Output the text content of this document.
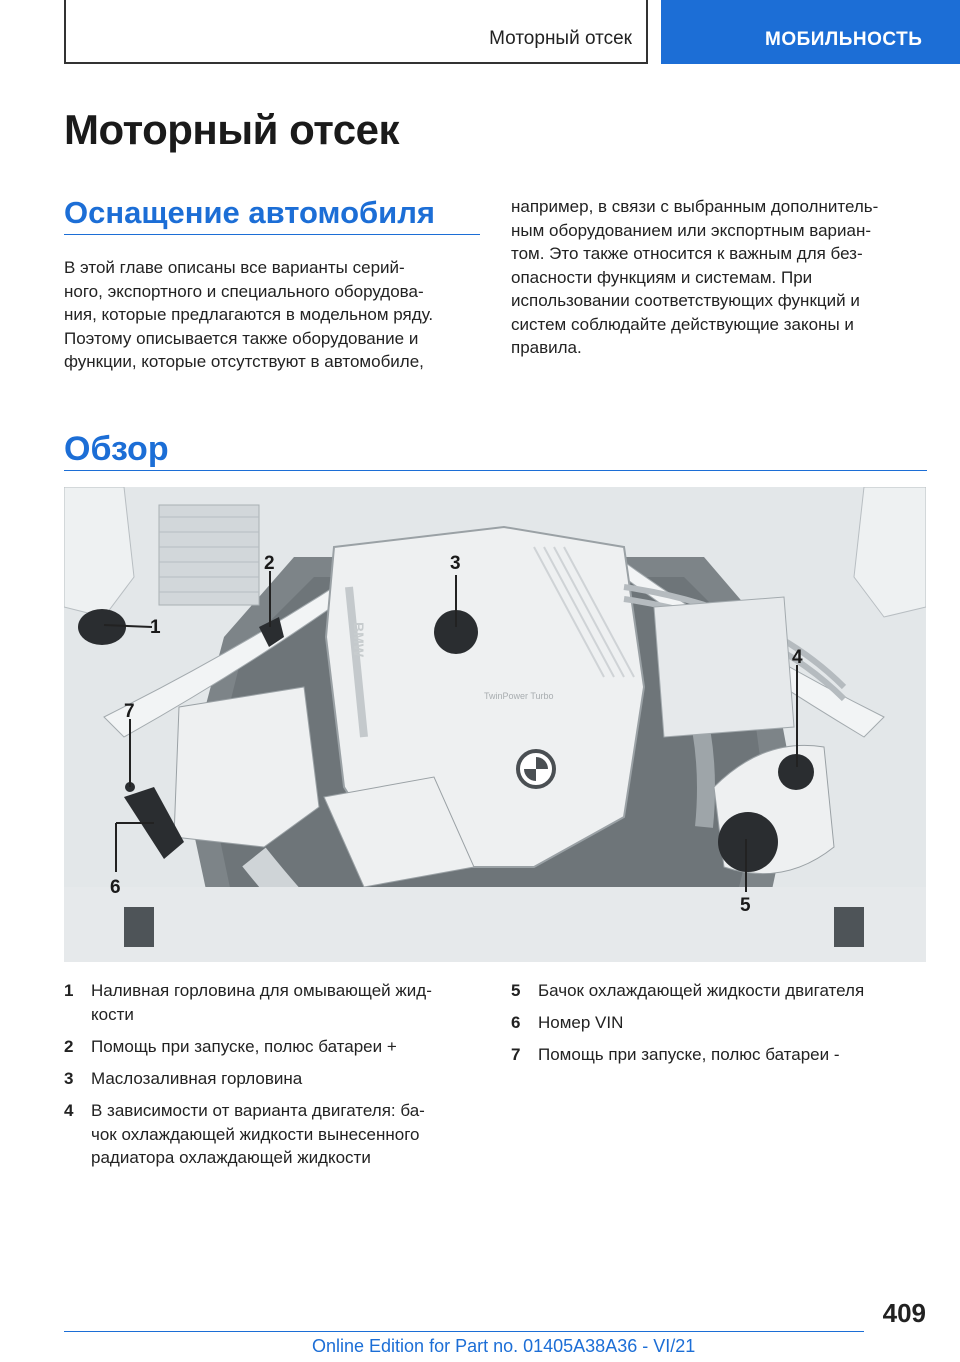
Моторный отсек	МОБИЛЬНОСТЬ
Моторный отсек
Оснащение автомобиля
В этой главе описаны все варианты серий-
ного, экспортного и специального оборудова-
ния, которые предлагаются в модельном ряду.
Поэтому описывается также оборудование и
функции, которые отсутствуют в автомобиле,
например, в связи с выбранным дополнитель-
ным оборудованием или экспортным вариан-
том. Это также относится к важным для без-
опасности функциям и системам. При
использовании соответствующих функций и
систем соблюдайте действующие законы и
правила.
Обзор
BMW
TwinPower Turbo
1
2	3
4
5
6
7
1 Наливная горловина для омывающей жид-
кости
2 Помощь при запуске, полюс батареи +
3 Маслозаливная горловина
4 В зависимости от варианта двигателя: ба-
чок охлаждающей жидкости вынесенного
радиатора охлаждающей жидкости
5 Бачок охлаждающей жидкости двигателя
6 Номер VIN
7 Помощь при запуске, полюс батареи -
409
Online Edition for Part no. 01405A38A36 - VI/21
